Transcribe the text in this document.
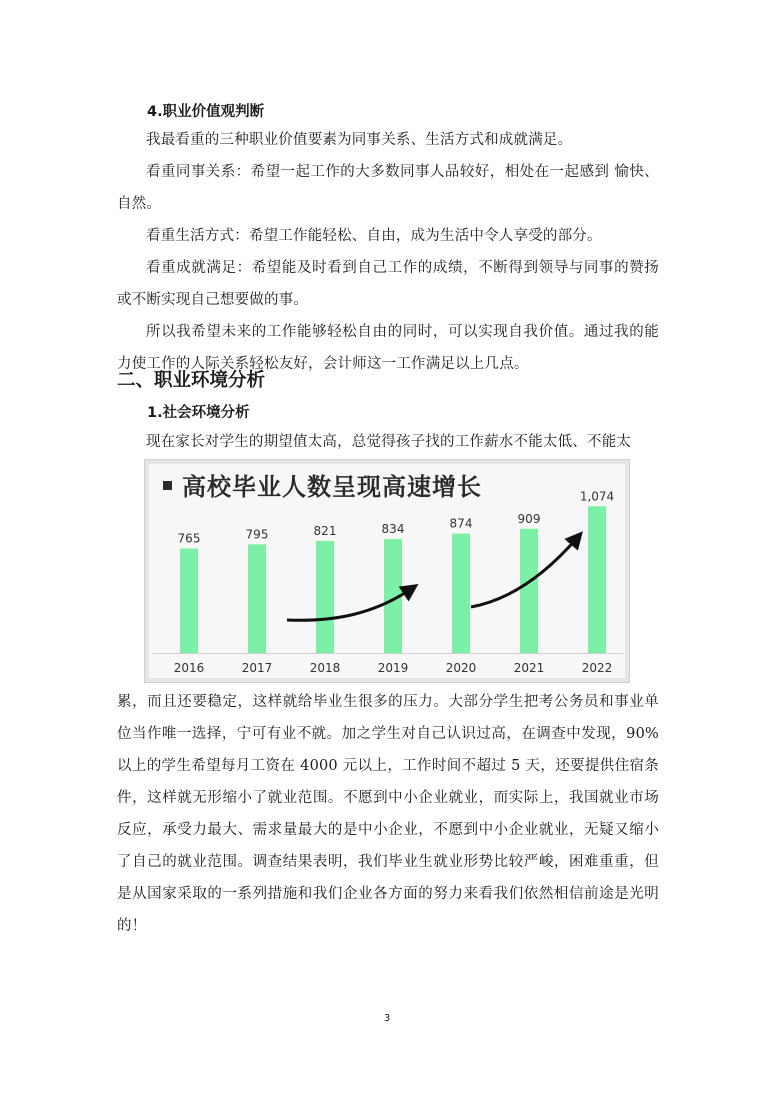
4.职业价值观判断

我最看重的三种职业价值要素为同事关系、生活方式和成就满足。

看重同事关系：希望一起工作的大多数同事人品较好，相处在一起感到 愉快、自然。

看重生活方式：希望工作能轻松、自由，成为生活中令人享受的部分。

看重成就满足：希望能及时看到自己工作的成绩，不断得到领导与同事的赞扬或不断实现自己想要做的事。

所以我希望未来的工作能够轻松自由的同时，可以实现自我价值。通过我的能力使工作的人际关系轻松友好，会计师这一工作满足以上几点。

二、职业环境分析
1.社会环境分析

现在家长对学生的期望值太高，总觉得孩子找的工作薪水不能太低、不能太

高校毕业人数呈现高速增长
765
2016
795
2017
821
2018
834
2019
874
2020
909
2021
1,074
2022

累，而且还要稳定，这样就给毕业生很多的压力。大部分学生把考公务员和事业单位当作唯一选择，宁可有业不就。加之学生对自己认识过高，在调查中发现，90%以上的学生希望每月工资在 4000 元以上，工作时间不超过 5 天，还要提供住宿条件，这样就无形缩小了就业范围。不愿到中小企业就业，而实际上，我国就业市场反应，承受力最大、需求量最大的是中小企业，不愿到中小企业就业，无疑又缩小了自己的就业范围。调查结果表明，我们毕业生就业形势比较严峻，困难重重，但是从国家采取的一系列措施和我们企业各方面的努力来看我们依然相信前途是光明的！

3
